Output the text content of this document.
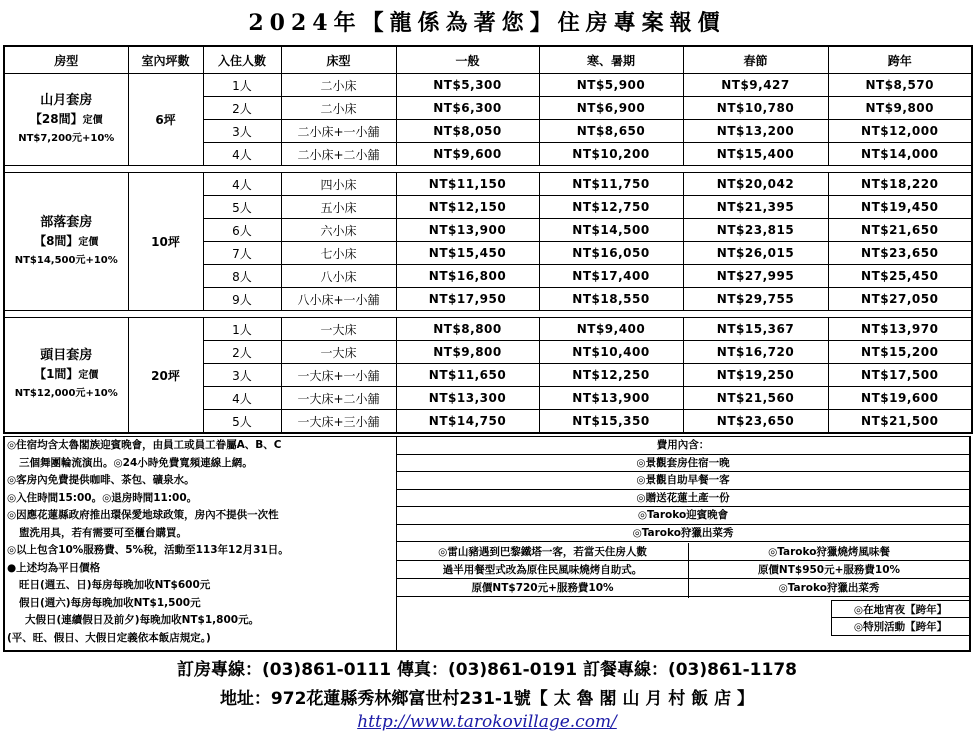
2024年【龍係為著您】住房專案報價
房型	室內坪數	入住人數	床型	一般	寒、暑期	春節	跨年

山月套房
【28間】定價
NT$7,200元+10%	6坪	1人	二小床	NT$5,300	NT$5,900	NT$9,427	NT$8,570
		2人	二小床	NT$6,300	NT$6,900	NT$10,780	NT$9,800
		3人	二小床+一小舖	NT$8,050	NT$8,650	NT$13,200	NT$12,000
		4人	二小床+二小舖	NT$9,600	NT$10,200	NT$15,400	NT$14,000

部落套房
【8間】定價
NT$14,500元+10%	10坪	4人	四小床	NT$11,150	NT$11,750	NT$20,042	NT$18,220
		5人	五小床	NT$12,150	NT$12,750	NT$21,395	NT$19,450
		6人	六小床	NT$13,900	NT$14,500	NT$23,815	NT$21,650
		7人	七小床	NT$15,450	NT$16,050	NT$26,015	NT$23,650
		8人	八小床	NT$16,800	NT$17,400	NT$27,995	NT$25,450
		9人	八小床+一小舖	NT$17,950	NT$18,550	NT$29,755	NT$27,050

頭目套房
【1間】定價
NT$12,000元+10%	20坪	1人	一大床	NT$8,800	NT$9,400	NT$15,367	NT$13,970
		2人	一大床	NT$9,800	NT$10,400	NT$16,720	NT$15,200
		3人	一大床+一小舖	NT$11,650	NT$12,250	NT$19,250	NT$17,500
		4人	一大床+二小舖	NT$13,300	NT$13,900	NT$21,560	NT$19,600
		5人	一大床+三小舖	NT$14,750	NT$15,350	NT$23,650	NT$21,500
◎住宿均含太魯閣族迎賓晚會，由員工或員工眷屬A、B、C
三個舞團輪流演出。◎24小時免費寬頻連線上網。
◎客房內免費提供咖啡、茶包、礦泉水。
◎入住時間15:00。◎退房時間11:00。
◎因應花蓮縣政府推出環保愛地球政策，房內不提供一次性
盥洗用具，若有需要可至櫃台購買。
◎以上包含10%服務費、5%稅，活動至113年12月31日。
●上述均為平日價格
旺日(週五、日)每房每晚加收NT$600元
假日(週六)每房每晚加收NT$1,500元
大假日(連續假日及前夕)每晚加收NT$1,800元。
(平、旺、假日、大假日定義依本飯店規定。)
費用內含：
◎景觀套房住宿一晚
◎景觀自助早餐一客
◎贈送花蓮土產一份
◎Taroko迎賓晚會
◎Taroko狩獵出菜秀
◎雷山豬遇到巴黎鐵塔一客，若當天住房人數
過半用餐型式改為原住民風味燒烤自助式。
原價NT$720元+服務費10%
◎Taroko狩獵燒烤風味餐
原價NT$950元+服務費10%
◎Taroko狩獵出菜秀
◎在地宵夜【跨年】
◎特別活動【跨年】
訂房專線：(03)861-0111 傳真：(03)861-0191 訂餐專線：(03)861-1178
地址：972花蓮縣秀林鄉富世村231-1號【 太 魯 閣 山 月 村 飯 店 】
http://www.tarokovillage.com/
